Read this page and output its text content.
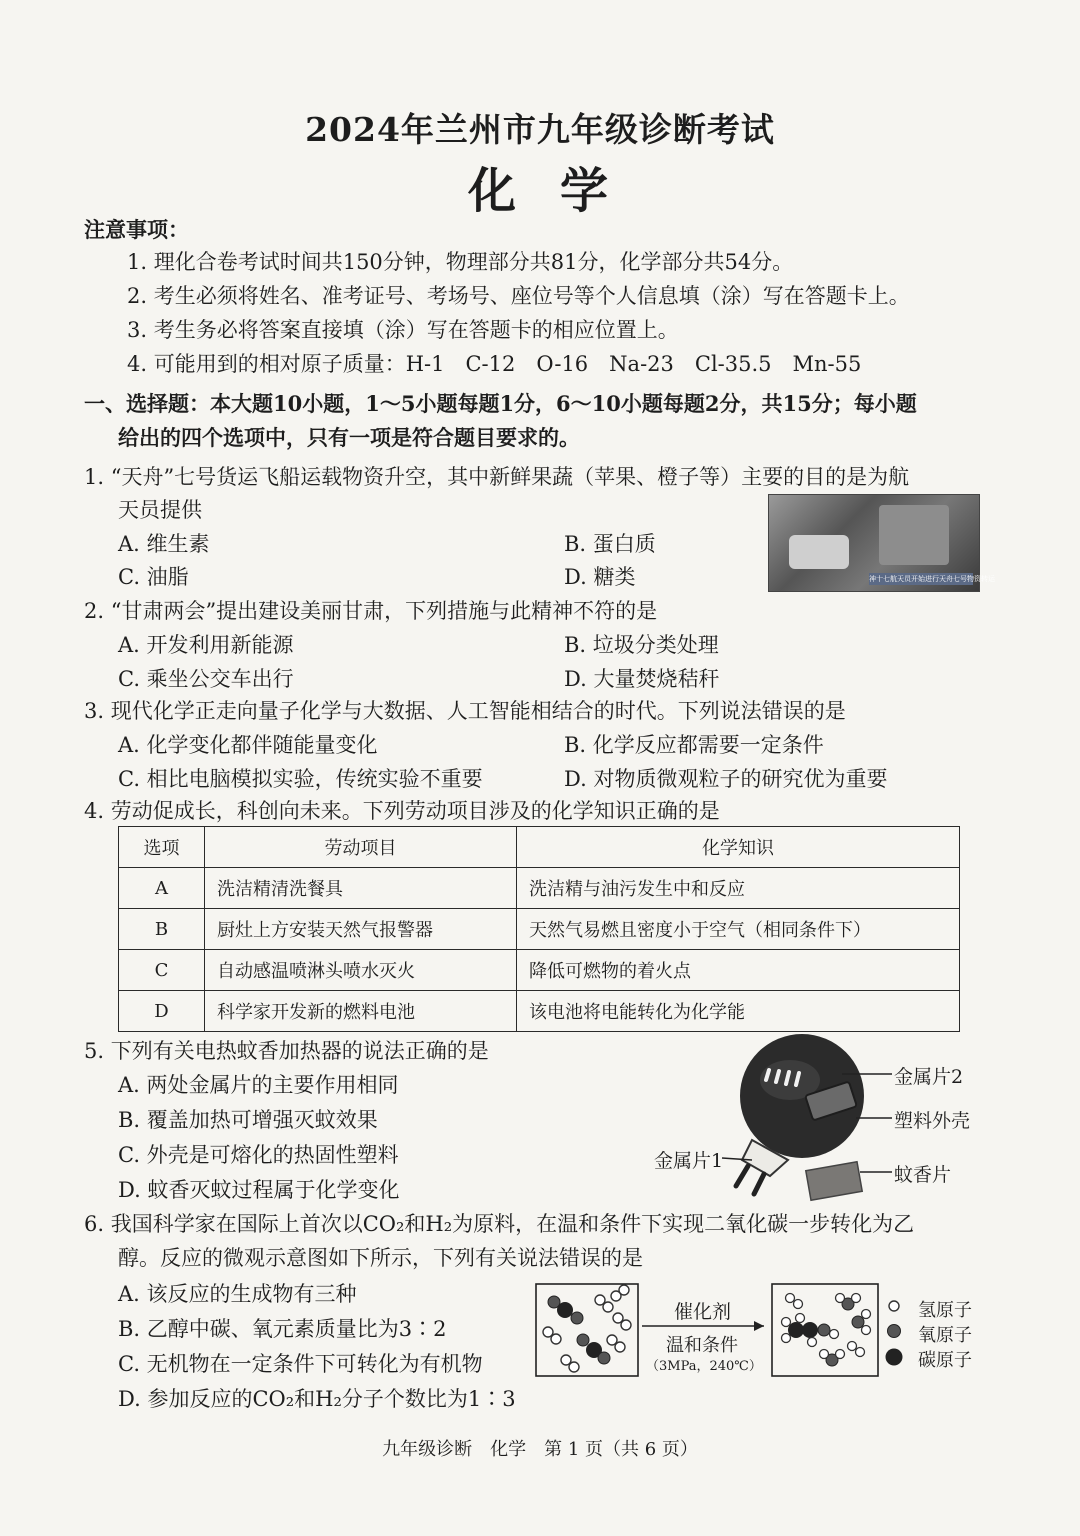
2024年兰州市九年级诊断考试
化学
注意事项：
1. 理化合卷考试时间共150分钟，物理部分共81分，化学部分共54分。
2. 考生必须将姓名、准考证号、考场号、座位号等个人信息填（涂）写在答题卡上。
3. 考生务必将答案直接填（涂）写在答题卡的相应位置上。
4. 可能用到的相对原子质量：H-1　C-12　O-16　Na-23　Cl-35.5　Mn-55
一、选择题：本大题10小题，1～5小题每题1分，6～10小题每题2分，共15分；每小题
给出的四个选项中，只有一项是符合题目要求的。
1. “天舟”七号货运飞船运载物资升空，其中新鲜果蔬（苹果、橙子等）主要的目的是为航
天员提供
A. 维生素	B. 蛋白质
C. 油脂	D. 糖类	神十七航天员开始进行天舟七号物资转运
2. “甘肃两会”提出建设美丽甘肃，下列措施与此精神不符的是
A. 开发利用新能源	B. 垃圾分类处理
C. 乘坐公交车出行	D. 大量焚烧秸秆
3. 现代化学正走向量子化学与大数据、人工智能相结合的时代。下列说法错误的是
A. 化学变化都伴随能量变化	B. 化学反应都需要一定条件
C. 相比电脑模拟实验，传统实验不重要	D. 对物质微观粒子的研究优为重要
4. 劳动促成长，科创向未来。下列劳动项目涉及的化学知识正确的是
选项	劳动项目	化学知识
A	洗洁精清洗餐具	洗洁精与油污发生中和反应
B	厨灶上方安装天然气报警器	天然气易燃且密度小于空气（相同条件下）
C	自动感温喷淋头喷水灭火	降低可燃物的着火点
D	科学家开发新的燃料电池	该电池将电能转化为化学能
5. 下列有关电热蚊香加热器的说法正确的是
A. 两处金属片的主要作用相同
B. 覆盖加热可增强灭蚊效果
C. 外壳是可熔化的热固性塑料
D. 蚊香灭蚊过程属于化学变化
金属片2
塑料外壳
金属片1
蚊香片
6. 我国科学家在国际上首次以CO₂和H₂为原料，在温和条件下实现二氧化碳一步转化为乙
醇。反应的微观示意图如下所示，下列有关说法错误的是
A. 该反应的生成物有三种
B. 乙醇中碳、氧元素质量比为3∶2
C. 无机物在一定条件下可转化为有机物
D. 参加反应的CO₂和H₂分子个数比为1∶3
催化剂
温和条件
（3MPa，240℃）
氢原子
氧原子
碳原子
九年级诊断　化学　第 1 页（共 6 页）
